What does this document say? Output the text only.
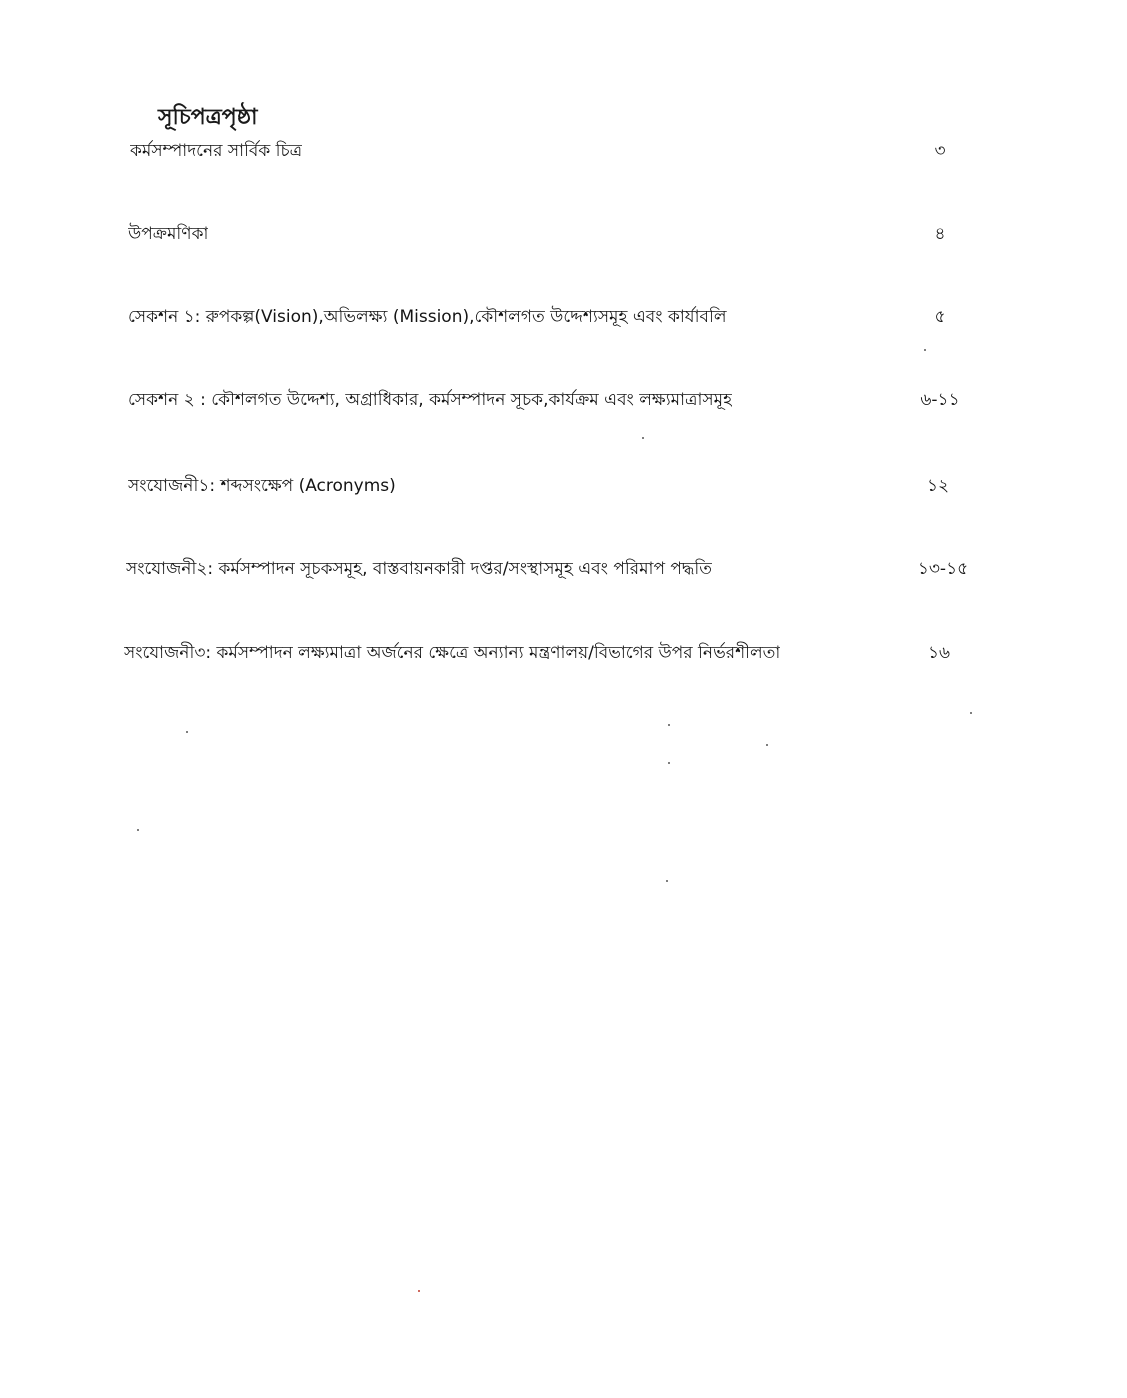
সূচিপত্রপৃষ্ঠা
কর্মসম্পাদনের সার্বিক চিত্র	৩
উপক্রমণিকা	৪
সেকশন ১: রুপকল্প(Vision),অভিলক্ষ্য (Mission),কৌশলগত উদ্দেশ্যসমূহ এবং কার্যাবলি	৫
সেকশন ২ : কৌশলগত উদ্দেশ্য, অগ্রাধিকার, কর্মসম্পাদন সূচক,কার্যক্রম এবং লক্ষ্যমাত্রাসমূহ	৬-১১
সংযোজনী১: শব্দসংক্ষেপ (Acronyms)	১২
সংযোজনী২: কর্মসম্পাদন সূচকসমূহ, বাস্তবায়নকারী দপ্তর/সংস্থাসমূহ এবং পরিমাপ পদ্ধতি	১৩-১৫
সংযোজনী৩: কর্মসম্পাদন লক্ষ্যমাত্রা অর্জনের ক্ষেত্রে অন্যান্য মন্ত্রণালয়/বিভাগের উপর নির্ভরশীলতা	১৬
